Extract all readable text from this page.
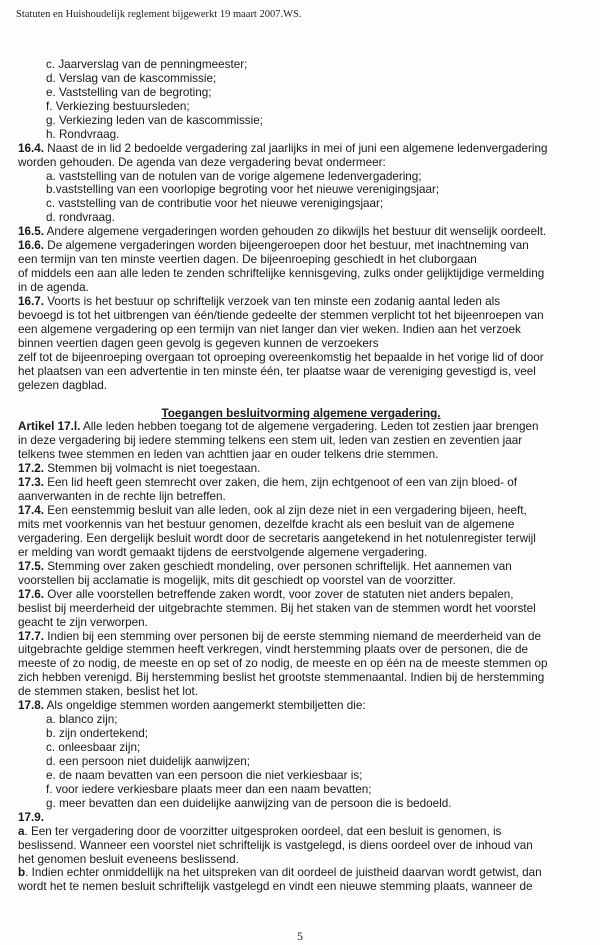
Statuten en Huishoudelijk reglement bijgewerkt 19 maart 2007.WS.
c. Jaarverslag van de penningmeester;
d. Verslag van de kascommissie;
e. Vaststelling van de begroting;
f. Verkiezing bestuursleden;
g. Verkiezing leden van de kascommissie;
h. Rondvraag.
16.4. Naast de in lid 2 bedoelde vergadering zal jaarlijks in mei of juni een algemene ledenvergadering
worden gehouden. De agenda van deze vergadering bevat ondermeer:
a. vaststelling van de notulen van de vorige algemene ledenvergadering;
b.vaststelling van een voorlopige begroting voor het nieuwe verenigingsjaar;
c. vaststelling van de contributie voor het nieuwe verenigingsjaar;
d. rondvraag.
16.5. Andere algemene vergaderingen worden gehouden zo dikwijls het bestuur dit wenselijk oordeelt.
16.6. De algemene vergaderingen worden bijeengeroepen door het bestuur, met inachtneming van
een termijn van ten minste veertien dagen. De bijeenroeping geschiedt in het cluborgaan
of middels een aan alle leden te zenden schriftelijke kennisgeving, zulks onder gelijktijdige vermelding
in de agenda.
16.7. Voorts is het bestuur op schriftelijk verzoek van ten minste een zodanig aantal leden als
bevoegd is tot het uitbrengen van één/tiende gedeelte der stemmen verplicht tot het bijeenroepen van
een algemene vergadering op een termijn van niet langer dan vier weken. Indien aan het verzoek
binnen veertien dagen geen gevolg is gegeven kunnen de verzoekers
zelf tot de bijeenroeping overgaan tot oproeping overeenkomstig het bepaalde in het vorige lid of door
het plaatsen van een advertentie in ten minste één, ter plaatse waar de vereniging gevestigd is, veel
gelezen dagblad.
Toegangen besluitvorming algemene vergadering.
Artikel 17.l. Alle leden hebben toegang tot de algemene vergadering. Leden tot zestien jaar brengen
in deze vergadering bij iedere stemming telkens een stem uit, leden van zestien en zeventien jaar
telkens twee stemmen en leden van achttien jaar en ouder telkens drie stemmen.
17.2. Stemmen bij volmacht is niet toegestaan.
17.3. Een lid heeft geen stemrecht over zaken, die hem, zijn echtgenoot of een van zijn bloed- of
aanverwanten in de rechte lijn betreffen.
17.4. Een eenstemmig besluit van alle leden, ook al zijn deze niet in een vergadering bijeen, heeft,
mits met voorkennis van het bestuur genomen, dezelfde kracht als een besluit van de algemene
vergadering. Een dergelijk besluit wordt door de secretaris aangetekend in het notulenregister terwijl
er melding van wordt gemaakt tijdens de eerstvolgende algemene vergadering.
17.5. Stemming over zaken geschiedt mondeling, over personen schriftelijk. Het aannemen van
voorstellen bij acclamatie is mogelijk, mits dit geschiedt op voorstel van de voorzitter.
17.6. Over alle voorstellen betreffende zaken wordt, voor zover de statuten niet anders bepalen,
beslist bij meerderheid der uitgebrachte stemmen. Bij het staken van de stemmen wordt het voorstel
geacht te zijn verworpen.
17.7. Indien bij een stemming over personen bij de eerste stemming niemand de meerderheid van de
uitgebrachte geldige stemmen heeft verkregen, vindt herstemming plaats over de personen, die de
meeste of zo nodig, de meeste en op set of zo nodig, de meeste en op één na de meeste stemmen op
zich hebben verenigd. Bij herstemming beslist het grootste stemmenaantal. Indien bij de herstemming
de stemmen staken, beslist het lot.
17.8. Als ongeldige stemmen worden aangemerkt stembiljetten die:
a. blanco zijn;
b. zijn ondertekend;
c. onleesbaar zijn;
d. een persoon niet duidelijk aanwijzen;
e. de naam bevatten van een persoon die niet verkiesbaar is;
f. voor iedere verkiesbare plaats meer dan een naam bevatten;
g. meer bevatten dan een duidelijke aanwijzing van de persoon die is bedoeld.
17.9.
a. Een ter vergadering door de voorzitter uitgesproken oordeel, dat een besluit is genomen, is
beslissend. Wanneer een voorstel niet schriftelijk is vastgelegd, is diens oordeel over de inhoud van
het genomen besluit eveneens beslissend.
b. Indien echter onmiddellijk na het uitspreken van dit oordeel de juistheid daarvan wordt getwist, dan
wordt het te nemen besluit schriftelijk vastgelegd en vindt een nieuwe stemming plaats, wanneer de
5
